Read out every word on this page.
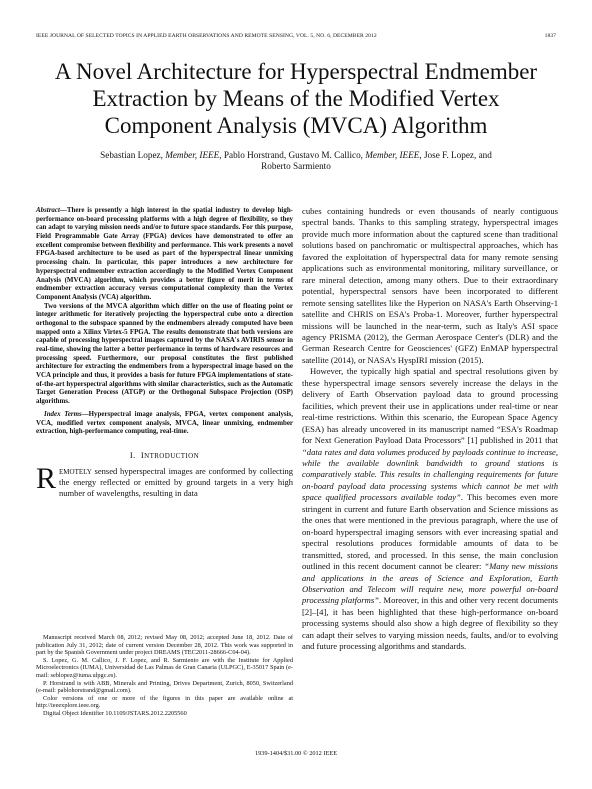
IEEE JOURNAL OF SELECTED TOPICS IN APPLIED EARTH OBSERVATIONS AND REMOTE SENSING, VOL. 5, NO. 6, DECEMBER 2012	1837
A Novel Architecture for Hyperspectral Endmember
Extraction by Means of the Modified Vertex
Component Analysis (MVCA) Algorithm
Sebastian Lopez, Member, IEEE, Pablo Horstrand, Gustavo M. Callico, Member, IEEE, Jose F. Lopez, and
Roberto Sarmiento

Abstract—There is presently a high interest in the spatial industry to develop high-performance on-board processing platforms with a high degree of flexibility, so they can adapt to varying mission needs and/or to future space standards. For this purpose, Field Programmable Gate Array (FPGA) devices have demonstrated to offer an excellent compromise between flexibility and performance. This work presents a novel FPGA-based architecture to be used as part of the hyperspectral linear unmixing processing chain. In particular, this paper introduces a new architecture for hyperspectral endmember extraction accordingly to the Modified Vertex Component Analysis (MVCA) algorithm, which provides a better figure of merit in terms of endmember extraction accuracy versus computational complexity than the Vertex Component Analysis (VCA) algorithm.

Two versions of the MVCA algorithm which differ on the use of floating point or integer arithmetic for iteratively projecting the hyperspectral cube onto a direction orthogonal to the subspace spanned by the endmembers already computed have been mapped onto a Xilinx Virtex-5 FPGA. The results demonstrate that both versions are capable of processing hyperspectral images captured by the NASA's AVIRIS sensor in real-time, showing the latter a better performance in terms of hardware resources and processing speed. Furthermore, our proposal constitutes the first published architecture for extracting the endmembers from a hyperspectral image based on the VCA principle and thus, it provides a basis for future FPGA implementations of state-of-the-art hyperspectral algorithms with similar characteristics, such as the Automatic Target Generation Process (ATGP) or the Orthogonal Subspace Projection (OSP) algorithms.

Index Terms—Hyperspectral image analysis, FPGA, vertex component analysis, VCA, modified vertex component analysis, MVCA, linear unmixing, endmember extraction, high-performance computing, real-time.

I. INTRODUCTION

REMOTELY sensed hyperspectral images are conformed by collecting the energy reflected or emitted by ground targets in a very high number of wavelengths, resulting in data

Manuscript received March 08, 2012; revised May 08, 2012; accepted June 18, 2012. Date of publication July 31, 2012; date of current version December 28, 2012. This work was supported in part by the Spanish Government under project DREAMS (TEC2011-28666-C04-04).

S. Lopez, G. M. Callico, J. F. Lopez, and R. Sarmiento are with the Institute for Applied Microelectronics (IUMA), Universidad de Las Palmas de Gran Canaria (ULPGC), E-35017 Spain (e-mail: seblopez@iuma.ulpgc.es).

P. Horstrand is with ABB, Minerals and Printing, Drives Department, Zurich, 8050, Switzerland (e-mail: pablohorstrand@gmail.com).

Color versions of one or more of the figures in this paper are available online at http://ieeexplore.ieee.org.

Digital Object Identifier 10.1109/JSTARS.2012.2205560

cubes containing hundreds or even thousands of nearly contiguous spectral bands. Thanks to this sampling strategy, hyperspectral images provide much more information about the captured scene than traditional solutions based on panchromatic or multispectral approaches, which has favored the exploitation of hyperspectral data for many remote sensing applications such as environmental monitoring, military surveillance, or rare mineral detection, among many others. Due to their extraordinary potential, hyperspectral sensors have been incorporated to different remote sensing satellites like the Hyperion on NASA's Earth Observing-1 satellite and CHRIS on ESA's Proba-1. Moreover, further hyperspectral missions will be launched in the near-term, such as Italy's ASI space agency PRISMA (2012), the German Aerospace Center's (DLR) and the German Research Centre for Geosciences' (GFZ) EnMAP hyperspectral satellite (2014), or NASA's HyspIRI mission (2015).

However, the typically high spatial and spectral resolutions given by these hyperspectral image sensors severely increase the delays in the delivery of Earth Observation payload data to ground processing facilities, which prevent their use in applications under real-time or near real-time restrictions. Within this scenario, the European Space Agency (ESA) has already uncovered in its manuscript named “ESA's Roadmap for Next Generation Payload Data Processors” [1] published in 2011 that “data rates and data volumes produced by payloads continue to increase, while the available downlink bandwidth to ground stations is comparatively stable. This results in challenging requirements for future on-board payload data processing systems which cannot be met with space qualified processors available today”. This becomes even more stringent in current and future Earth observation and Science missions as the ones that were mentioned in the previous paragraph, where the use of on-board hyperspectral imaging sensors with ever increasing spatial and spectral resolutions produces formidable amounts of data to be transmitted, stored, and processed. In this sense, the main conclusion outlined in this recent document cannot be clearer: “Many new missions and applications in the areas of Science and Exploration, Earth Observation and Telecom will require new, more powerful on-board processing platforms”. Moreover, in this and other very recent documents [2]–[4], it has been highlighted that these high-performance on-board processing systems should also show a high degree of flexibility so they can adapt their selves to varying mission needs, faults, and/or to evolving and future processing algorithms and standards.

1939-1404/$31.00 © 2012 IEEE
